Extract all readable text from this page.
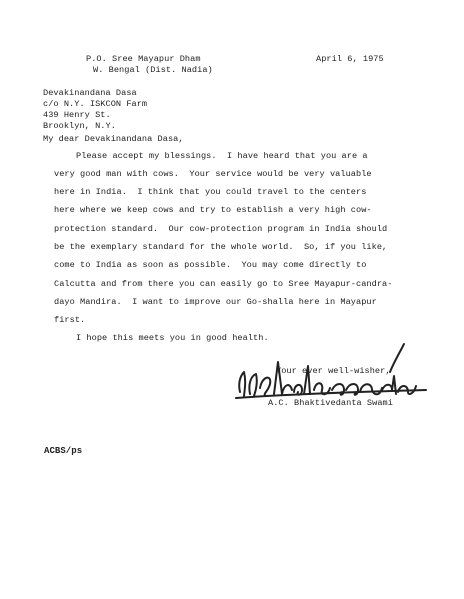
P.O. Sree Mayapur Dham
W. Bengal (Dist. Nadia)
April 6, 1975
Devakinandana Dasa
c/o N.Y. ISKCON Farm
439 Henry St.
Brooklyn, N.Y.
My dear Devakinandana Dasa,
Please accept my blessings.  I have heard that you are a
very good man with cows.  Your service would be very valuable
here in India.  I think that you could travel to the centers
here where we keep cows and try to establish a very high cow-
protection standard.  Our cow-protection program in India should
be the exemplary standard for the whole world.  So, if you like,
come to India as soon as possible.  You may come directly to
Calcutta and from there you can easily go to Sree Mayapur-candra-
dayo Mandira.  I want to improve our Go-shalla here in Mayapur
first.
I hope this meets you in good health.
Your ever well-wisher,
A.C. Bhaktivedanta Swami
ACBS/ps
